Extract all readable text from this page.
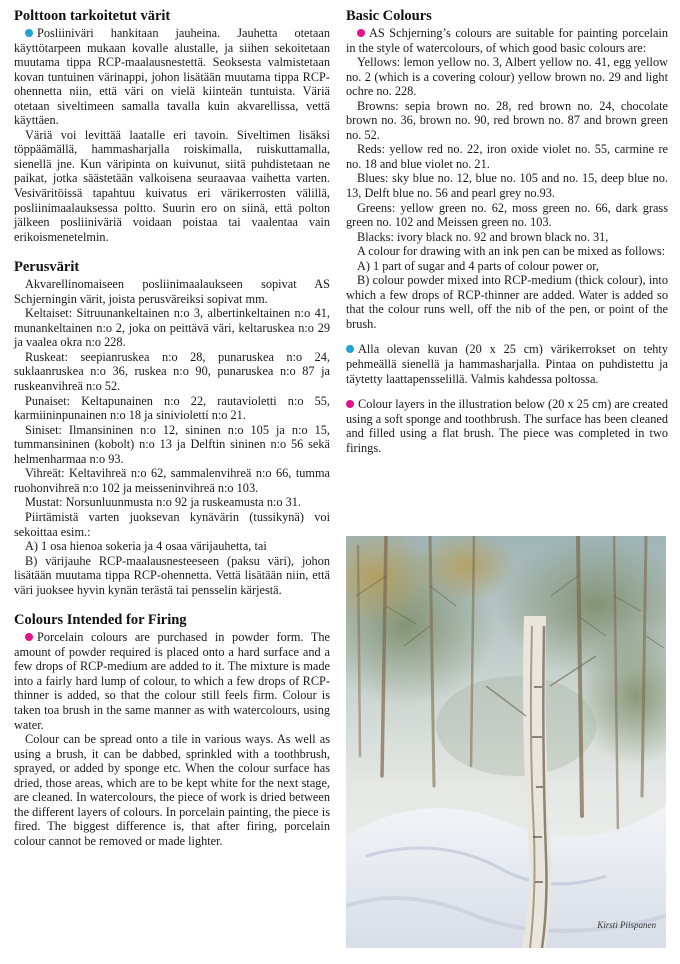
Polttoon tarkoitetut värit

Posliiniväri hankitaan jauheina. Jauhetta otetaan käyttötarpeen mukaan kovalle alustalle, ja siihen sekoitetaan muutama tippa RCP-maalausnestettä. Seoksesta valmistetaan kovan tuntuinen värinappi, johon lisätään muutama tippa RCP-ohennetta niin, että väri on vielä kiinteän tuntuista. Väriä otetaan siveltimeen samalla tavalla kuin akvarellissa, vettä käyttäen.

Väriä voi levittää laatalle eri tavoin. Siveltimen lisäksi töppäämällä, hammasharjalla roiskimalla, ruiskuttamalla, sienellä jne. Kun väripinta on kuivunut, siitä puhdistetaan ne paikat, jotka säästetään valkoisena seuraavaa vaihetta varten. Vesiväritöissä tapahtuu kuivatus eri värikerrosten välillä, posliinimaalauksessa poltto. Suurin ero on siinä, että polton jälkeen posliiniväriä voidaan poistaa tai vaalentaa vain erikoismenetelmin.

Perusvärit

Akvarellinomaiseen posliinimaalaukseen sopivat AS Schjerningin värit, joista perusväreiksi sopivat mm.

Keltaiset: Sitruunankeltainen n:o 3, albertinkeltainen n:o 41, munankeltainen n:o 2, joka on peittävä väri, keltaruskea n:o 29 ja vaalea okra n:o 228.

Ruskeat: seepianruskea n:o 28, punaruskea n:o 24, suklaanruskea n:o 36, ruskea n:o 90, punaruskea n:o 87 ja ruskeanvihreä n:o 52.

Punaiset: Keltapunainen n:o 22, rautavioletti n:o 55, karmiininpunainen n:o 18 ja siniviolettí n:o 21.

Siniset: Ilmansininen n:o 12, sininen n:o 105 ja n:o 15, tummansininen (kobolt) n:o 13 ja Delftin sininen n:o 56 sekä helmenharmaa n:o 93.

Vihreät: Keltavihreä n:o 62, sammalenvihreä n:o 66, tumma ruohonvihreä n:o 102 ja meisseninvihreä n:o 103.

Mustat: Norsunluunmusta n:o 92 ja ruskeamusta n:o 31.

Piirtämistä varten juoksevan kynävärin (tussikynä) voi sekoittaa esim.:

A) 1 osa hienoa sokeria ja 4 osaa värijauhetta, tai

B) värijauhe RCP-maalausnesteeseen (paksu väri), johon lisätään muutama tippa RCP-ohennetta. Vettä lisätään niin, että väri juoksee hyvin kynän terästä tai pensselin kärjestä.

Colours Intended for Firing

Porcelain colours are purchased in powder form. The amount of powder required is placed onto a hard surface and a few drops of RCP-medium are added to it. The mixture is made into a fairly hard lump of colour, to which a few drops of RCP-thinner is added, so that the colour still feels firm. Colour is taken toa brush in the same manner as with watercolours, using water.

Colour can be spread onto a tile in various ways. As well as using a brush, it can be dabbed, sprinkled with a toothbrush, sprayed, or added by sponge etc. When the colour surface has dried, those areas, which are to be kept white for the next stage, are cleaned. In watercolours, the piece of work is dried between the different layers of colours. In porcelain painting, the piece is fired. The biggest difference is, that after firing, porcelain colour cannot be removed or made lighter.

Basic Colours

AS Schjerning’s colours are suitable for painting porcelain in the style of watercolours, of which good basic colours are:

Yellows: lemon yellow no. 3, Albert yellow no. 41, egg yellow no. 2 (which is a covering colour) yellow brown no. 29 and light ochre no. 228.

Browns: sepia brown no. 28, red brown no. 24, chocolate brown no. 36, brown no. 90, red brown no. 87 and brown green no. 52.

Reds: yellow red no. 22, iron oxide violet no. 55, carmine re no. 18 and blue violet no. 21.

Blues: sky blue no. 12, blue no. 105 and no. 15, deep blue no. 13, Delft blue no. 56 and pearl grey no.93.

Greens: yellow green no. 62, moss green no. 66, dark grass green no. 102 and Meissen green no. 103.

Blacks: ivory black no. 92 and brown black no. 31,

A colour for drawing with an ink pen can be mixed as follows:

A) 1 part of sugar and 4 parts of colour power or,

B) colour powder mixed into RCP-medium (thick colour), into which a few drops of RCP-thinner are added. Water is added so that the colour runs well, off the nib of the pen, or point of the brush.

Alla olevan kuvan (20 x 25 cm) värikerrokset on tehty pehmeällä sienellä ja hammasharjalla. Pintaa on puhdistettu ja täytetty laattapensselillä. Valmis kahdessa poltossa.

Colour layers in the illustration below (20 x 25 cm) are created using a soft sponge and toothbrush. The surface has been cleaned and filled using a flat brush. The piece was completed in two firings.

Kirsti Piispanen
